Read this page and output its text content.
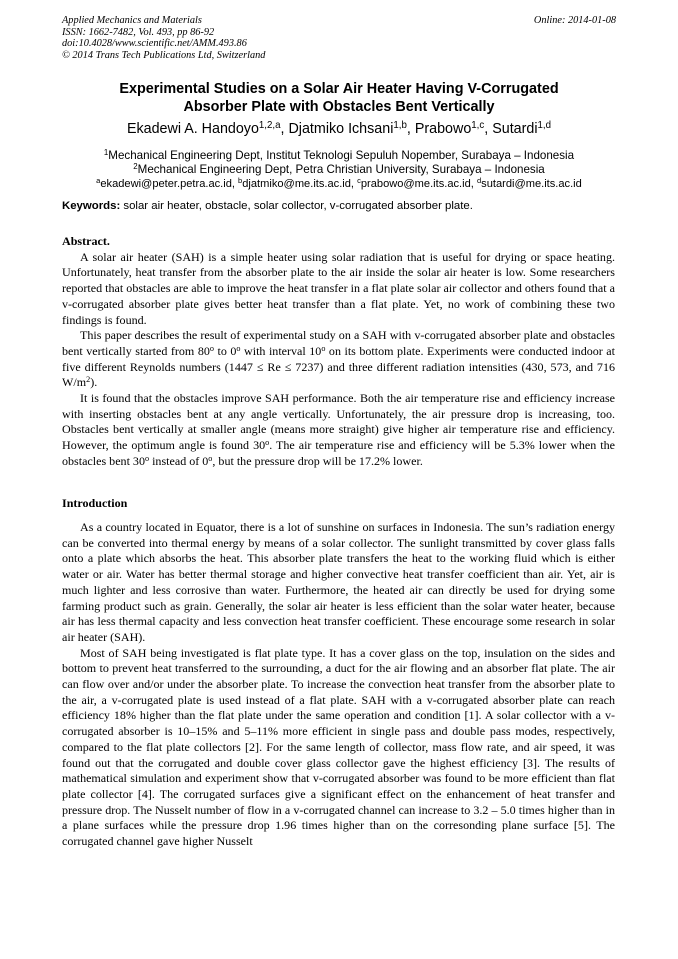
Applied Mechanics and Materials
ISSN: 1662-7482, Vol. 493, pp 86-92
doi:10.4028/www.scientific.net/AMM.493.86
© 2014 Trans Tech Publications Ltd, Switzerland
Online: 2014-01-08
Experimental Studies on a Solar Air Heater Having V-Corrugated
Absorber Plate with Obstacles Bent Vertically
Ekadewi A. Handoyo$^{1,2,a}$, Djatmiko Ichsani$^{1,b}$, Prabowo$^{1,c}$, Sutardi$^{1,d}$
$^1$Mechanical Engineering Dept, Institut Teknologi Sepuluh Nopember, Surabaya – Indonesia
$^2$Mechanical Engineering Dept, Petra Christian University, Surabaya – Indonesia
$^a$ekadewi@peter.petra.ac.id, $^b$djatmiko@me.its.ac.id, $^c$prabowo@me.its.ac.id, $^d$sutardi@me.its.ac.id
Keywords: solar air heater, obstacle, solar collector, v-corrugated absorber plate.
Abstract.

A solar air heater (SAH) is a simple heater using solar radiation that is useful for drying or space heating. Unfortunately, heat transfer from the absorber plate to the air inside the solar air heater is low. Some researchers reported that obstacles are able to improve the heat transfer in a flat plate solar air collector and others found that a v-corrugated absorber plate gives better heat transfer than a flat plate. Yet, no work of combining these two findings is found.

This paper describes the result of experimental study on a SAH with v-corrugated absorber plate and obstacles bent vertically started from 80$^o$ to 0$^o$ with interval 10$^o$ on its bottom plate. Experiments were conducted indoor at five different Reynolds numbers (1447 ≤ Re ≤ 7237) and three different radiation intensities (430, 573, and 716 $W/m^2$).

It is found that the obstacles improve SAH performance. Both the air temperature rise and efficiency increase with inserting obstacles bent at any angle vertically. Unfortunately, the air pressure drop is increasing, too. Obstacles bent vertically at smaller angle (means more straight) give higher air temperature rise and efficiency. However, the optimum angle is found 30$^o$. The air temperature rise and efficiency will be 5.3% lower when the obstacles bent 30$^o$ instead of 0$^o$, but the pressure drop will be 17.2% lower.

Introduction

As a country located in Equator, there is a lot of sunshine on surfaces in Indonesia. The sun’s radiation energy can be converted into thermal energy by means of a solar collector. The sunlight transmitted by cover glass falls onto a plate which absorbs the heat. This absorber plate transfers the heat to the working fluid which is either water or air. Water has better thermal storage and higher convective heat transfer coefficient than air. Yet, air is much lighter and less corrosive than water. Furthermore, the heated air can directly be used for drying some farming product such as grain. Generally, the solar air heater is less efficient than the solar water heater, because air has less thermal capacity and less convection heat transfer coefficient. These encourage some research in solar air heater (SAH).

Most of SAH being investigated is flat plate type. It has a cover glass on the top, insulation on the sides and bottom to prevent heat transferred to the surrounding, a duct for the air flowing and an absorber flat plate. The air can flow over and/or under the absorber plate. To increase the convection heat transfer from the absorber plate to the air, a v-corrugated plate is used instead of a flat plate. SAH with a v-corrugated absorber plate can reach efficiency 18% higher than the flat plate under the same operation and condition [1]. A solar collector with a v-corrugated absorber is 10–15% and 5–11% more efficient in single pass and double pass modes, respectively, compared to the flat plate collectors [2]. For the same length of collector, mass flow rate, and air speed, it was found out that the corrugated and double cover glass collector gave the highest efficiency [3]. The results of mathematical simulation and experiment show that v-corrugated absorber was found to be more efficient than flat plate collector [4]. The corrugated surfaces give a significant effect on the enhancement of heat transfer and pressure drop. The Nusselt number of flow in a v-corrugated channel can increase to 3.2 – 5.0 times higher than in a plane surfaces while the pressure drop 1.96 times higher than on the corresonding plane surface [5]. The corrugated channel gave higher Nusselt
